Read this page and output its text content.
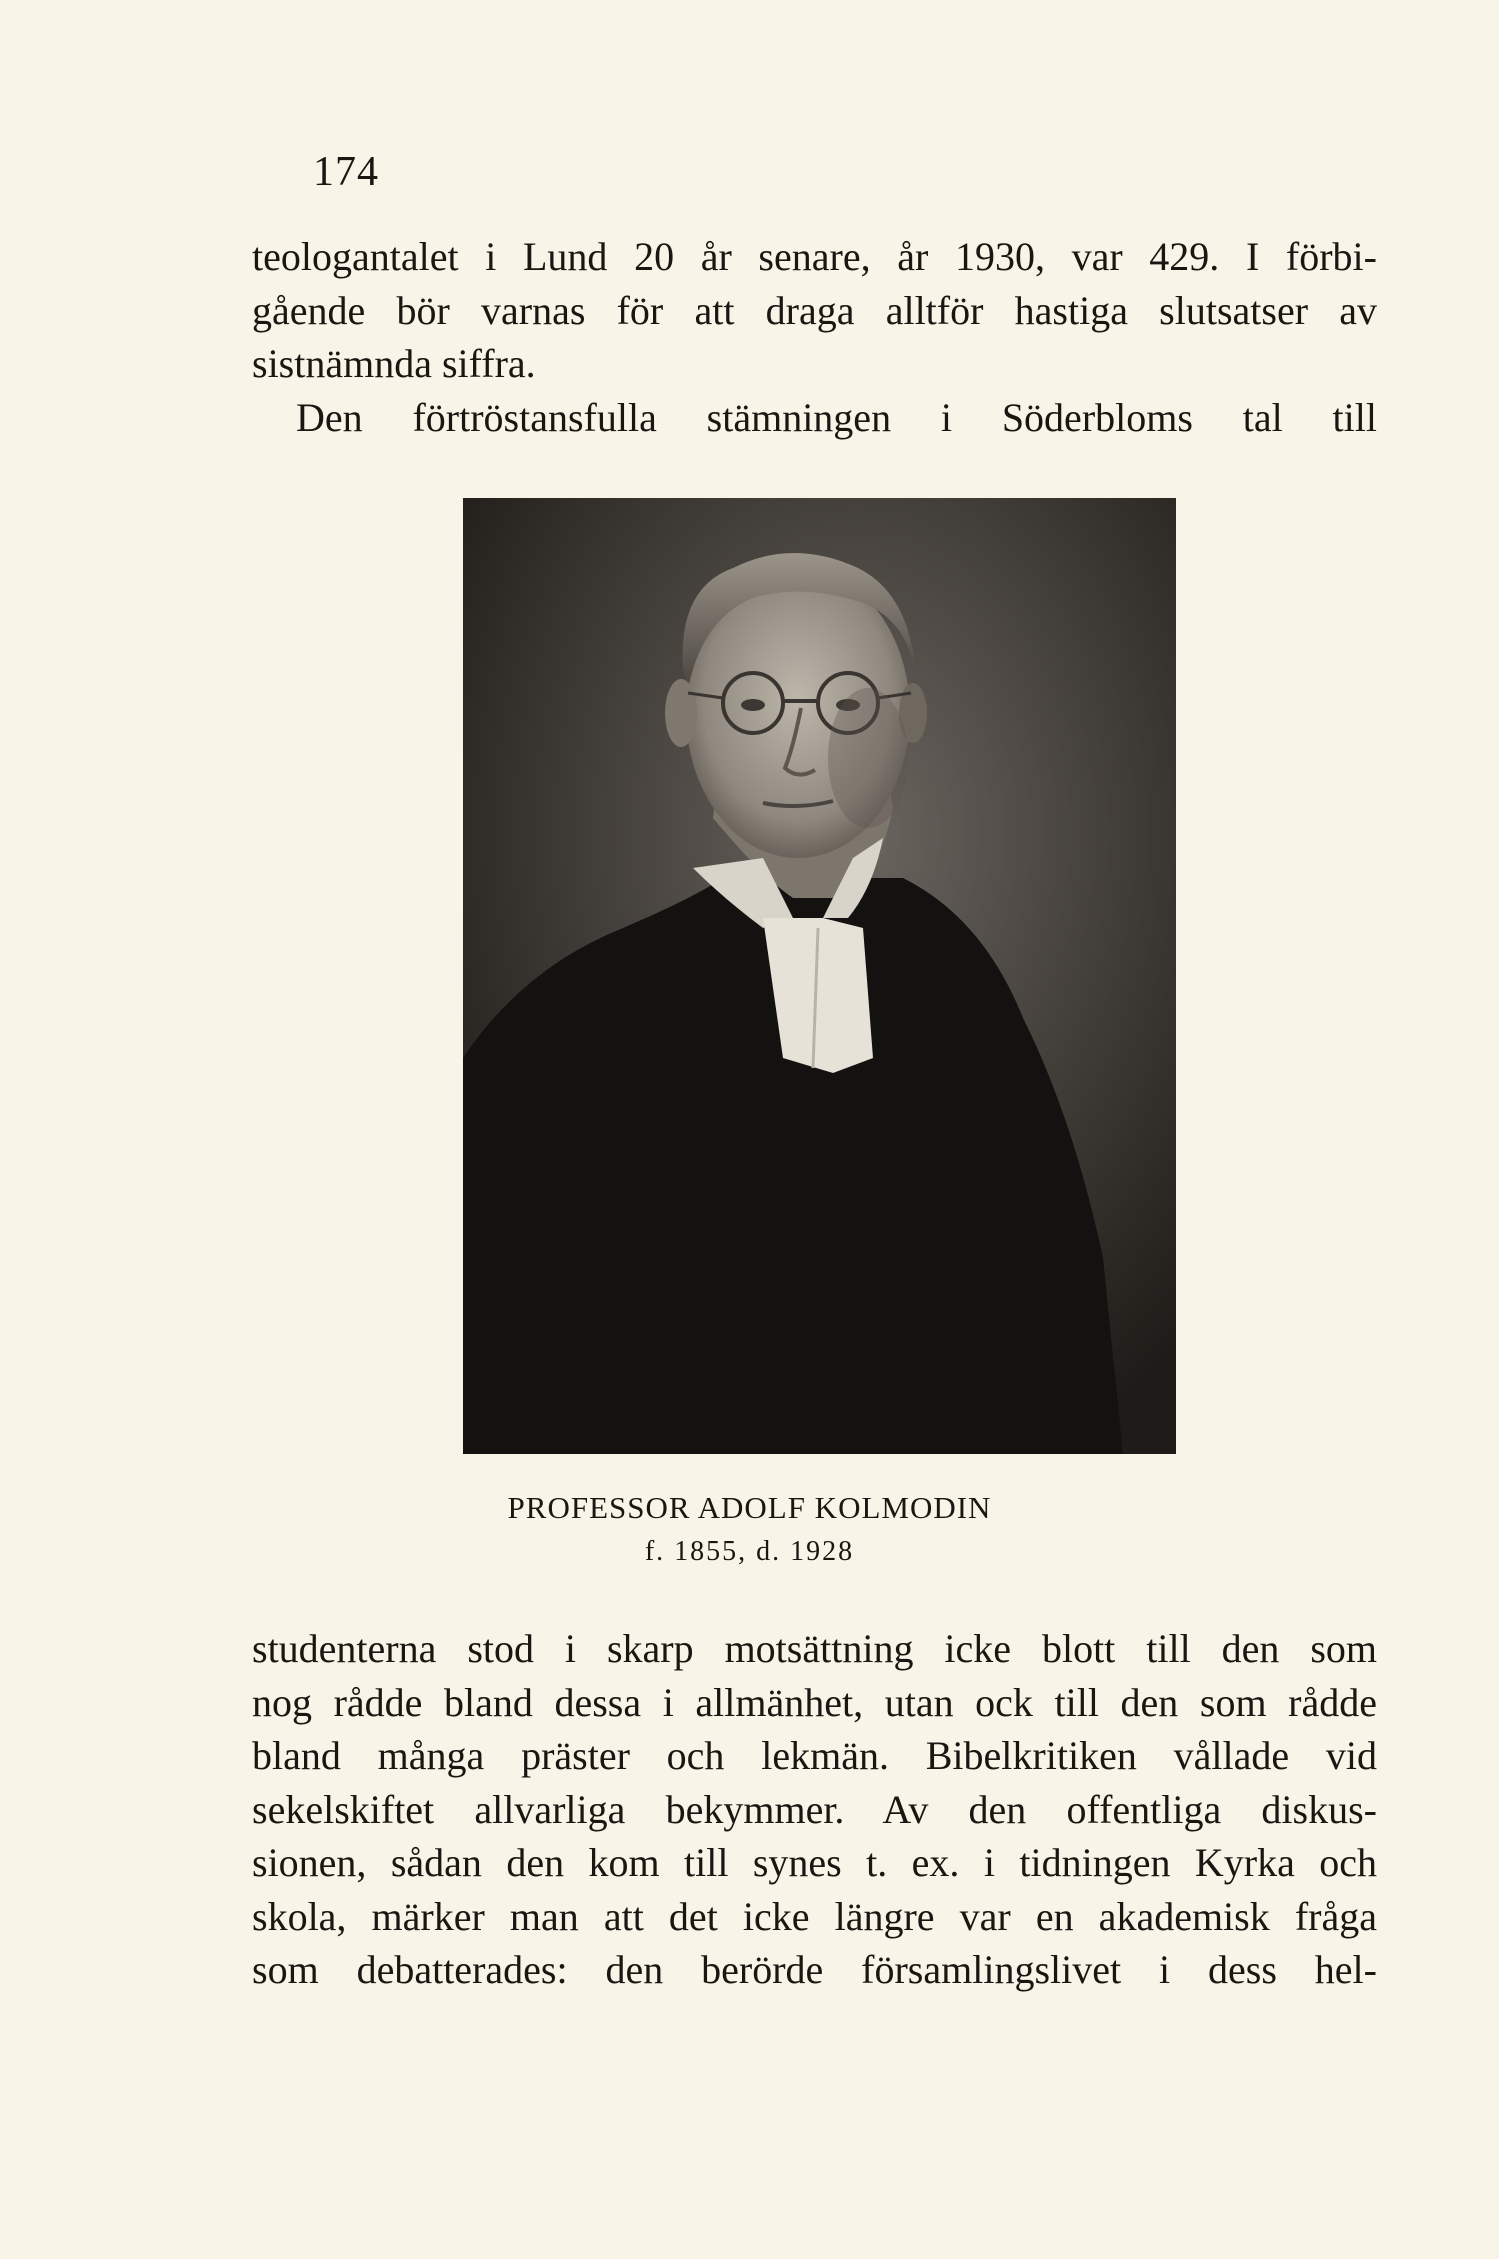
174
teologantalet i Lund 20 år senare, år 1930, var 429. I förbi-
gående bör varnas för att draga alltför hastiga slutsatser av
sistnämnda siffra.
Den förtröstansfulla stämningen i Söderbloms tal till
PROFESSOR ADOLF KOLMODIN
f. 1855, d. 1928
studenterna stod i skarp motsättning icke blott till den som
nog rådde bland dessa i allmänhet, utan ock till den som rådde
bland många präster och lekmän. Bibelkritiken vållade vid
sekelskiftet allvarliga bekymmer. Av den offentliga diskus-
sionen, sådan den kom till synes t. ex. i tidningen Kyrka och
skola, märker man att det icke längre var en akademisk fråga
som debatterades: den berörde församlingslivet i dess hel-
